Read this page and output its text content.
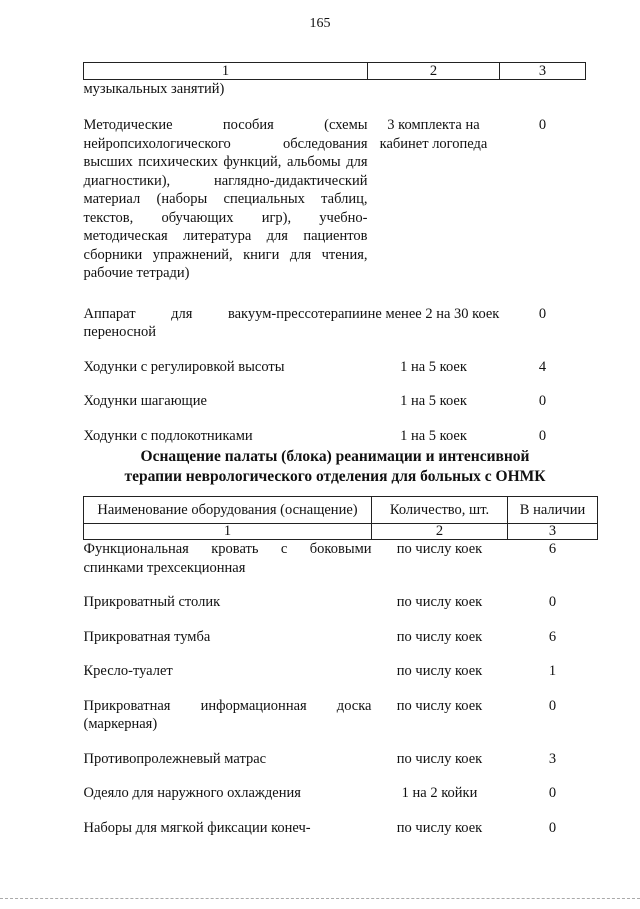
165
1	2	3
музыкальных занятий)		
Методические пособия (схемы нейропсихологического обследования высших психических функций, альбомы для диагностики), наглядно-дидактический материал (наборы специальных таблиц, текстов, обучающих игр), учебно-методическая литература для пациентов сборники упражнений, книги для чтения, рабочие тетради)	3 комплекта на кабинет логопеда	0
Аппарат для вакуум-прессотерапии переносной	не менее 2 на 30 коек	0
Ходунки с регулировкой высоты	1 на 5 коек	4
Ходунки шагающие	1 на 5 коек	0
Ходунки с подлокотниками	1 на 5 коек	0
Оснащение палаты (блока) реанимации и интенсивной терапии неврологического отделения для больных с ОНМК
Наименование оборудования (оснащение)	Количество, шт.	В наличии
1	2	3
Функциональная кровать с боковыми спинками трехсекционная	по числу коек	6
Прикроватный столик	по числу коек	0
Прикроватная тумба	по числу коек	6
Кресло-туалет	по числу коек	1
Прикроватная информационная доска (маркерная)	по числу коек	0
Противопролежневый матрас	по числу коек	3
Одеяло для наружного охлаждения	1 на 2 койки	0
Наборы для мягкой фиксации конеч-	по числу коек	0
